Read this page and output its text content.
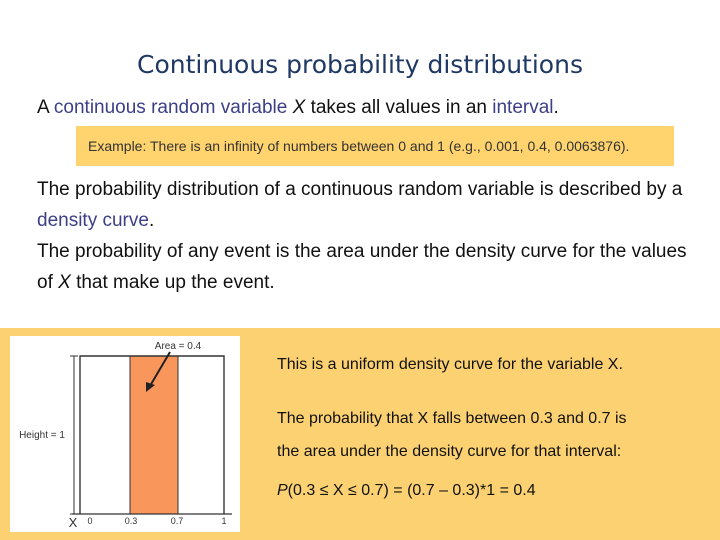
Continuous probability distributions
A continuous random variable X takes all values in an interval.
Example: There is an infinity of numbers between 0 and 1 (e.g., 0.001, 0.4, 0.0063876).
The probability distribution of a continuous random variable is described by a density curve.
The probability of any event is the area under the density curve for the values of X that make up the event.
Area = 0.4
Height = 1
X 0	0.3	0.7	1
This is a uniform density curve for the variable X.
The probability that X falls between 0.3 and 0.7 is
the area under the density curve for that interval:
P(0.3 ≤ X ≤ 0.7) = (0.7 – 0.3)*1 = 0.4
